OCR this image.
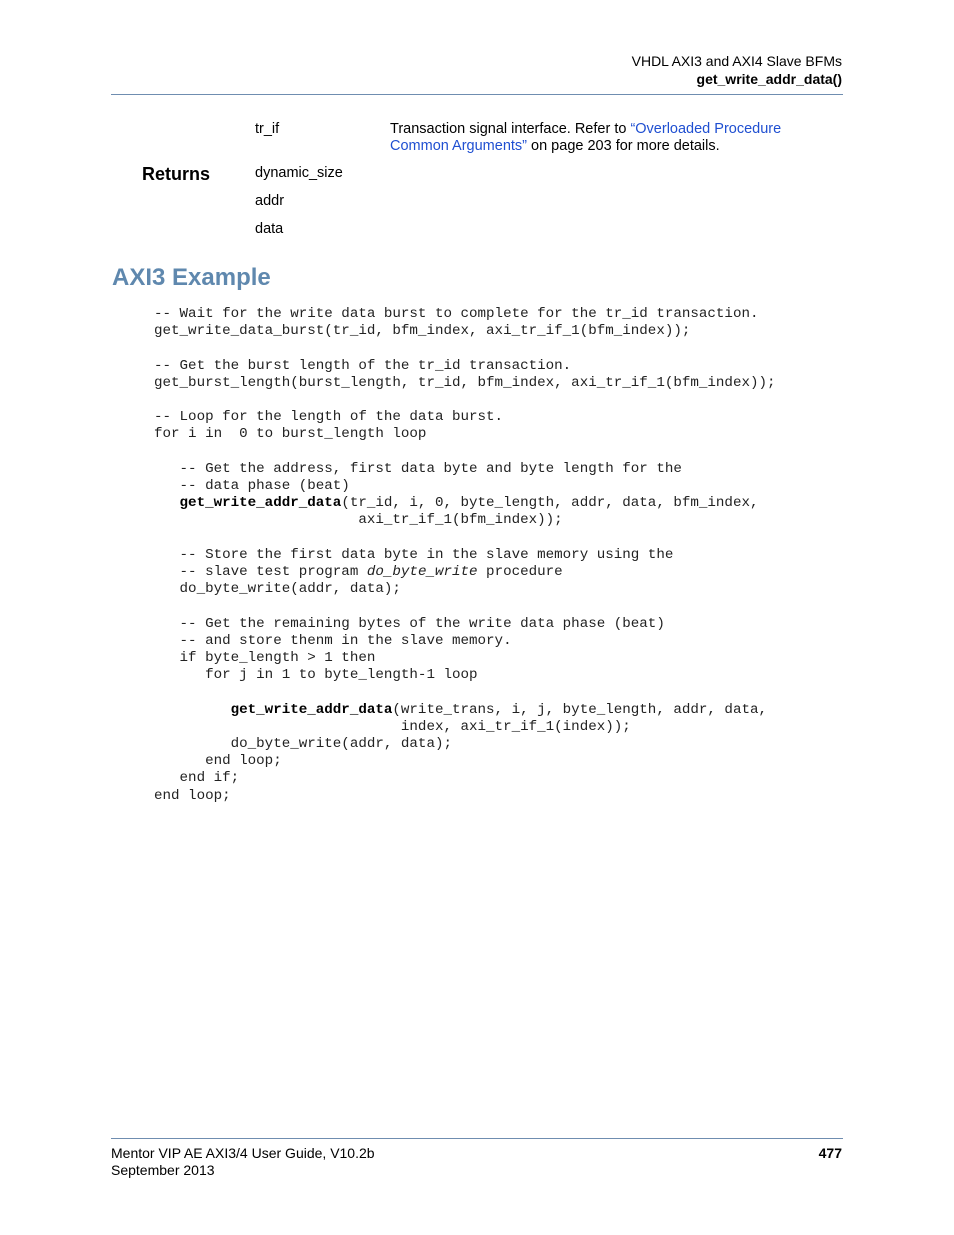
VHDL AXI3 and AXI4 Slave BFMs
get_write_addr_data()
tr_if	Transaction signal interface. Refer to “Overloaded Procedure Common Arguments” on page 203 for more details.
Returns	dynamic_size
addr
data
AXI3 Example
-- Wait for the write data burst to complete for the tr_id transaction.
get_write_data_burst(tr_id, bfm_index, axi_tr_if_1(bfm_index));

-- Get the burst length of the tr_id transaction.
get_burst_length(burst_length, tr_id, bfm_index, axi_tr_if_1(bfm_index));

-- Loop for the length of the data burst.
for i in  0 to burst_length loop

-- Get the address, first data byte and byte length for the
-- data phase (beat)
get_write_addr_data(tr_id, i, 0, byte_length, addr, data, bfm_index,
axi_tr_if_1(bfm_index));

-- Store the first data byte in the slave memory using the
-- slave test program do_byte_write procedure
do_byte_write(addr, data);

-- Get the remaining bytes of the write data phase (beat)
-- and store thenm in the slave memory.
if byte_length > 1 then
for j in 1 to byte_length-1 loop

get_write_addr_data(write_trans, i, j, byte_length, addr, data,
index, axi_tr_if_1(index));
do_byte_write(addr, data);
end loop;
end if;
end loop;
Mentor VIP AE AXI3/4 User Guide, V10.2b
September 2013
477
